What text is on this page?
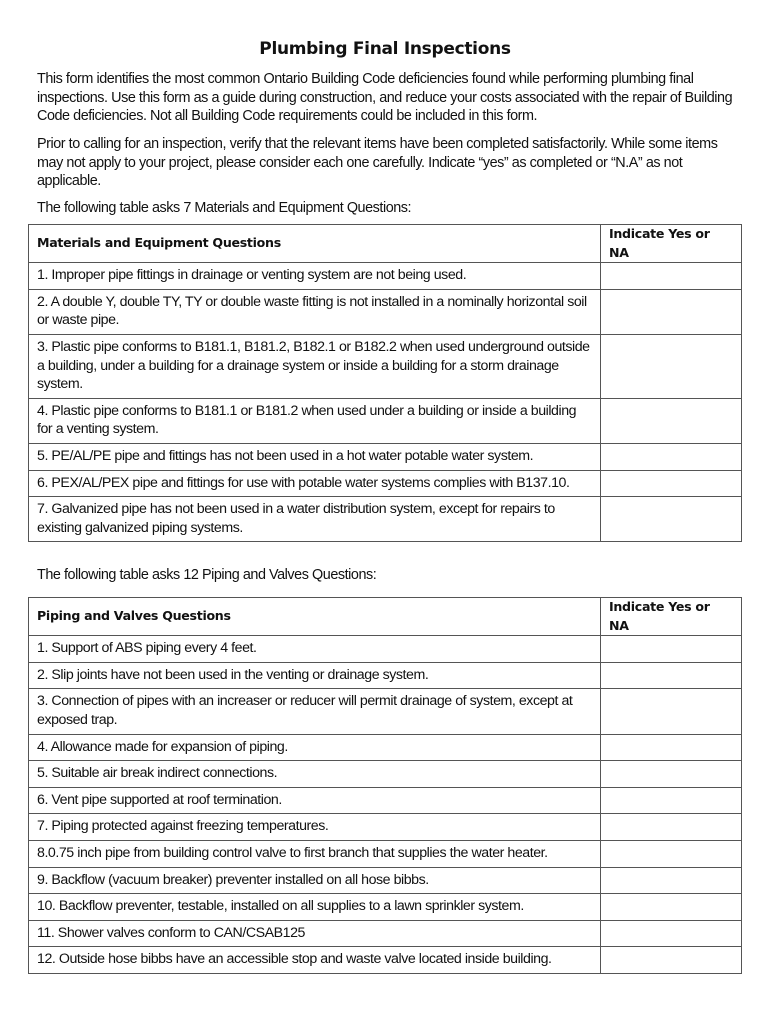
Plumbing Final Inspections

This form identifies the most common Ontario Building Code deficiencies found while performing plumbing final inspections. Use this form as a guide during construction, and reduce your costs associated with the repair of Building Code deficiencies. Not all Building Code requirements could be included in this form.

Prior to calling for an inspection, verify that the relevant items have been completed satisfactorily. While some items may not apply to your project, please consider each one carefully. Indicate “yes” as completed or “N.A” as not applicable.

The following table asks 7 Materials and Equipment Questions:

Materials and Equipment Questions	Indicate Yes or NA
1. Improper pipe fittings in drainage or venting system are not being used.	
2. A double Y, double TY, TY or double waste fitting is not installed in a nominally horizontal soil or waste pipe.	
3. Plastic pipe conforms to B181.1, B181.2, B182.1 or B182.2 when used underground outside a building, under a building for a drainage system or inside a building for a storm drainage system.	
4. Plastic pipe conforms to B181.1 or B181.2 when used under a building or inside a building for a venting system.	
5. PE/AL/PE pipe and fittings has not been used in a hot water potable water system.	
6. PEX/AL/PEX pipe and fittings for use with potable water systems complies with B137.10.	
7. Galvanized pipe has not been used in a water distribution system, except for repairs to existing galvanized piping systems.	

The following table asks 12 Piping and Valves Questions:

Piping and Valves Questions	Indicate Yes or NA
1. Support of ABS piping every 4 feet.	
2. Slip joints have not been used in the venting or drainage system.	
3. Connection of pipes with an increaser or reducer will permit drainage of system, except at exposed trap.	
4. Allowance made for expansion of piping.	
5. Suitable air break indirect connections.	
6. Vent pipe supported at roof termination.	
7. Piping protected against freezing temperatures.	
8.0.75 inch pipe from building control valve to first branch that supplies the water heater.	
9. Backflow (vacuum breaker) preventer installed on all hose bibbs.	
10. Backflow preventer, testable, installed on all supplies to a lawn sprinkler system.	
11. Shower valves conform to CAN/CSAB125	
12. Outside hose bibbs have an accessible stop and waste valve located inside building.	
